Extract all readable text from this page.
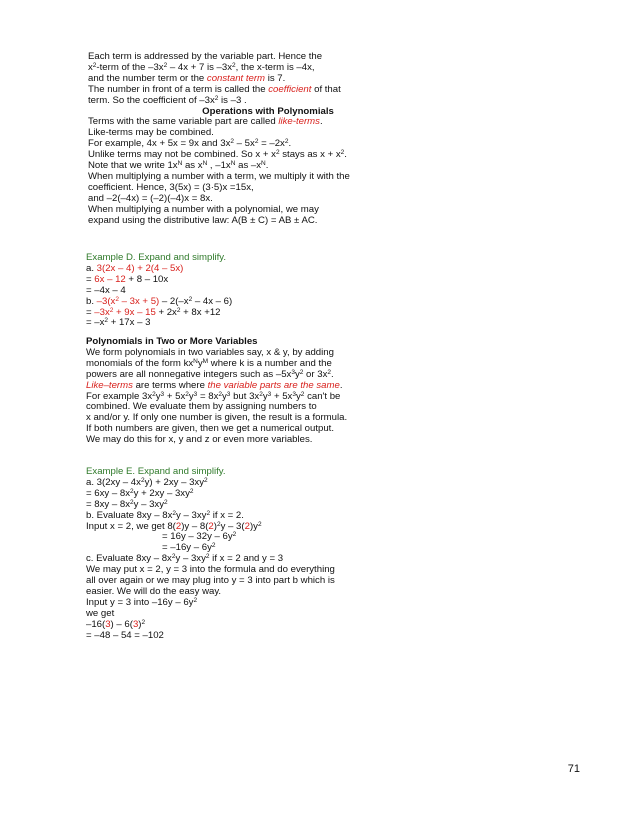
Each term is addressed by the variable part. Hence the
$x^2$-term of the $-3x^2 - 4x + 7$ is $-3x^2$, the x-term is –4x,
and the number term or the constant term is 7.
The number in front of a term is called the coefficient of that
term. So the coefficient of $-3x^2$ is –3 .
Operations with Polynomials
Terms with the same variable part are called like-terms.
Like-terms may be combined.
For example, 4x + 5x = 9x and $3x^2 - 5x^2 = -2x^2$.
Unlike terms may not be combined. So $x + x^2$ stays as $x + x^2$.
Note that we write $1x^N$ as $x^N$ , $-1x^N$ as $-x^N$.
When multiplying a number with a term, we multiply it with the
coefficient. Hence, 3(5x) = (3·5)x =15x,
and –2(–4x) = (–2)(–4)x = 8x.
When multiplying a number with a polynomial, we may
expand using the distributive law: A(B ± C) = AB ± AC.
Example D. Expand and simplify.
a. 3(2x – 4) + 2(4 – 5x)
= 6x – 12 + 8 – 10x
= –4x – 4
b. $-3(x^2 - 3x + 5) - 2(-x^2 - 4x - 6)$
= $-3x^2 + 9x - 15 + 2x^2 + 8x +12$
= $-x^2 + 17x - 3$
Polynomials in Two or More Variables
We form polynomials in two variables say, x & y, by adding
monomials of the form $kx^Ny^M$ where k is a number and the
powers are all nonnegative integers such as $-5x^3y^2$ or $3x^2$.
Like–terms are terms where the variable parts are the same.
For example $3x^2y^3 + 5x^2y^3 = 8x^2y^3$ but $3x^2y^3 + 5x^3y^2$ can't be
combined. We evaluate them by assigning numbers to
x and/or y. If only one number is given, the result is a formula.
If both numbers are given, then we get a numerical output.
We may do this for x, y and z or even more variables.
Example E. Expand and simplify.
a. $3(2xy - 4x^2y) + 2xy - 3xy^2$
= $6xy - 8x^2y + 2xy - 3xy^2$
= $8xy - 8x^2y - 3xy^2$
b. Evaluate $8xy - 8x^2y - 3xy^2$ if x = 2.
Input x = 2, we get $8(2)y - 8(2)^2y - 3(2)y^2$
= $16y - 32y - 6y^2$
= $-16y - 6y^2$
c. Evaluate $8xy - 8x^2y - 3xy^2$ if x = 2 and y = 3
We may put x = 2, y = 3 into the formula and do everything
all over again or we may plug into y = 3 into part b which is
easier. We will do the easy way.
Input y = 3 into $-16y - 6y^2$
we get
$-16(3) - 6(3)^2$
= –48 – 54 = –102
71
